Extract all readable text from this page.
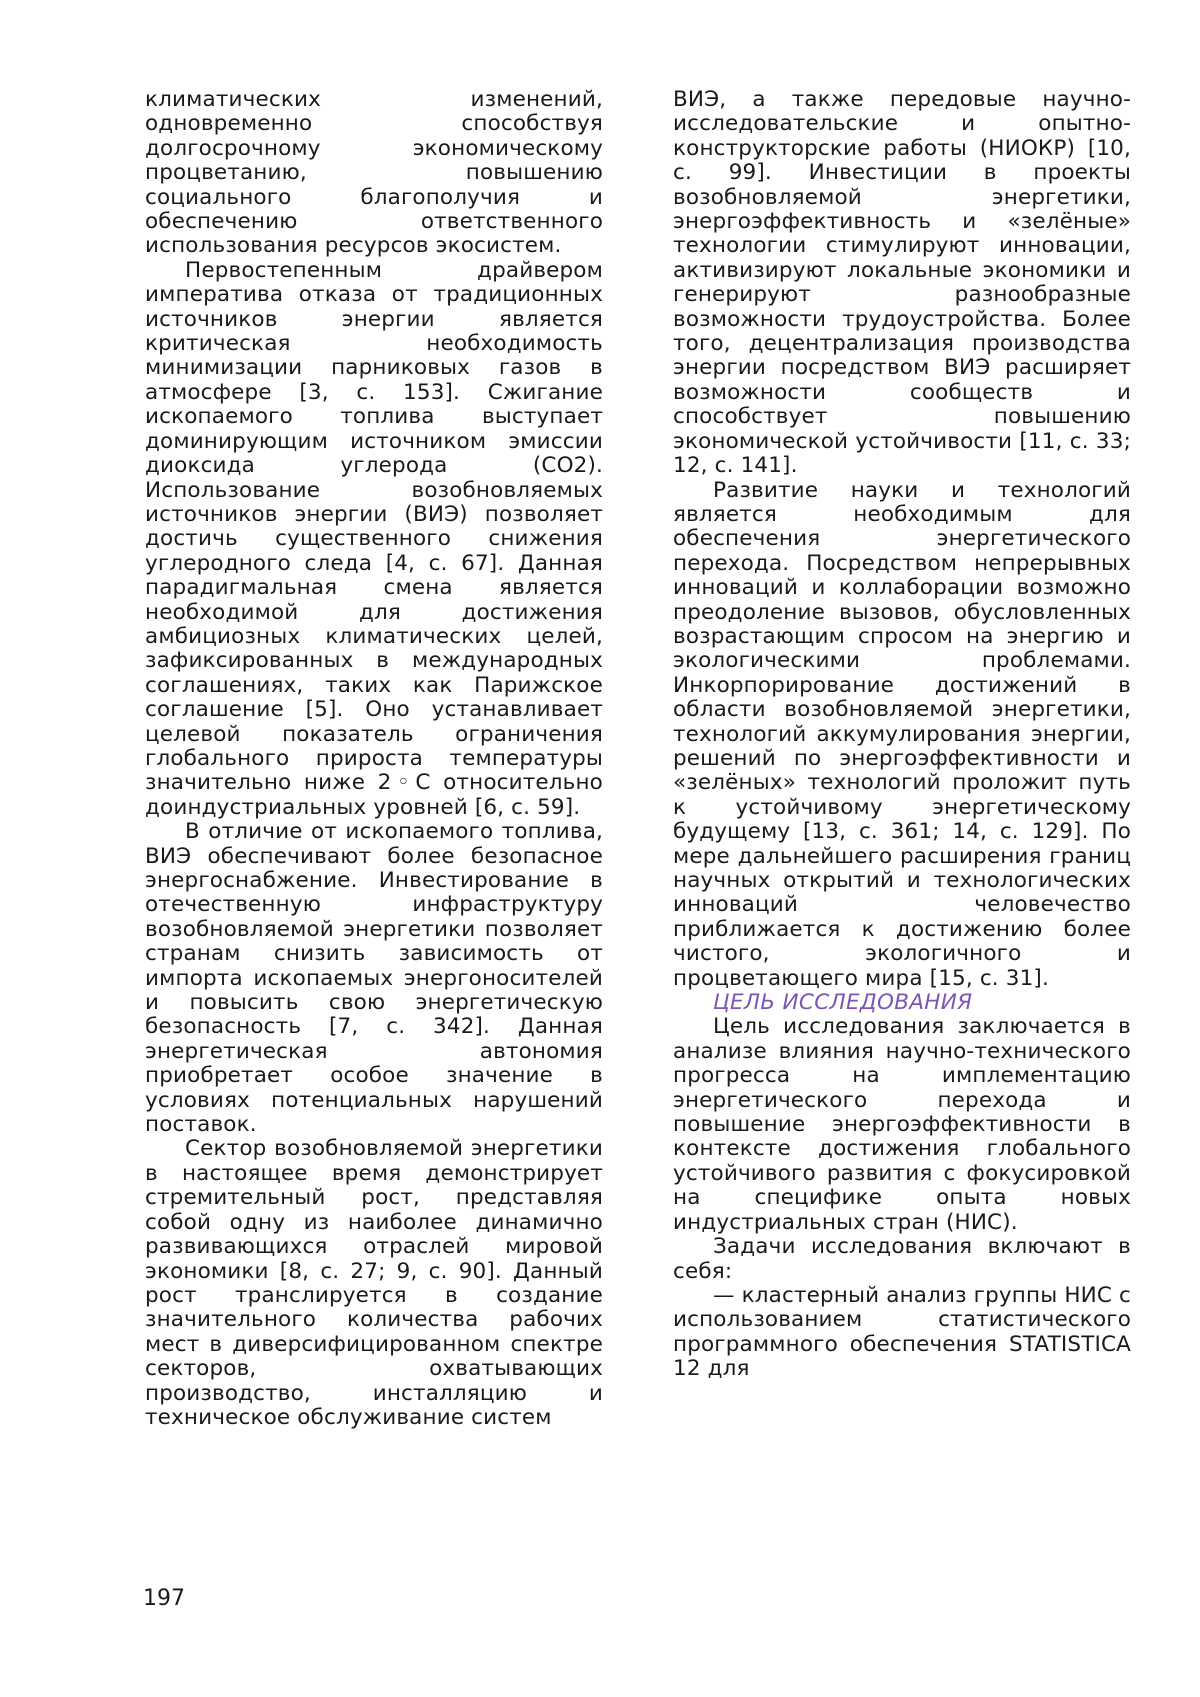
климатических изменений, одновременно способствуя долгосрочному экономическому процветанию, повышению социального благополучия и обеспечению ответственного использования ресурсов экосистем.

Первостепенным драйвером императива отказа от традиционных источников энергии является критическая необходимость минимизации парниковых газов в атмосфере [3, с. 153]. Сжигание ископаемого топлива выступает доминирующим источником эмиссии диоксида углерода (CO2). Использование возобновляемых источников энергии (ВИЭ) позволяет достичь существенного снижения углеродного следа [4, с. 67]. Данная парадигмальная смена является необходимой для достижения амбициозных климатических целей, зафиксированных в международных соглашениях, таких как Парижское соглашение [5]. Оно устанавливает целевой показатель ограничения глобального прироста температуры значительно ниже 2◦C относительно доиндустриальных уровней [6, с. 59].

В отличие от ископаемого топлива, ВИЭ обеспечивают более безопасное энергоснабжение. Инвестирование в отечественную инфраструктуру возобновляемой энергетики позволяет странам снизить зависимость от импорта ископаемых энергоносителей и повысить свою энергетическую безопасность [7, с. 342]. Данная энергетическая автономия приобретает особое значение в условиях потенциальных нарушений поставок.

Сектор возобновляемой энергетики в настоящее время демонстрирует стремительный рост, представляя собой одну из наиболее динамично развивающихся отраслей мировой экономики [8, с. 27; 9, с. 90]. Данный рост транслируется в создание значительного количества рабочих мест в диверсифицированном спектре секторов, охватывающих производство, инсталляцию и техническое обслуживание систем

ВИЭ, а также передовые научно-исследовательские и опытно-конструкторские работы (НИОКР) [10, с. 99]. Инвестиции в проекты возобновляемой энергетики, энергоэффективность и «зелёные» технологии стимулируют инновации, активизируют локальные экономики и генерируют разнообразные возможности трудоустройства. Более того, децентрализация производства энергии посредством ВИЭ расширяет возможности сообществ и способствует повышению экономической устойчивости [11, с. 33; 12, с. 141].

Развитие науки и технологий является необходимым для обеспечения энергетического перехода. Посредством непрерывных инноваций и коллаборации возможно преодоление вызовов, обусловленных возрастающим спросом на энергию и экологическими проблемами. Инкорпорирование достижений в области возобновляемой энергетики, технологий аккумулирования энергии, решений по энергоэффективности и «зелёных» технологий проложит путь к устойчивому энергетическому будущему [13, с. 361; 14, с. 129]. По мере дальнейшего расширения границ научных открытий и технологических инноваций человечество приближается к достижению более чистого, экологичного и процветающего мира [15, с. 31].

ЦЕЛЬ ИССЛЕДОВАНИЯ

Цель исследования заключается в анализе влияния научно-технического прогресса на имплементацию энергетического перехода и повышение энергоэффективности в контексте достижения глобального устойчивого развития с фокусировкой на специфике опыта новых индустриальных стран (НИС).

Задачи исследования включают в себя:

— кластерный анализ группы НИС с использованием статистического программного обеспечения STATISTICA 12 для

197
